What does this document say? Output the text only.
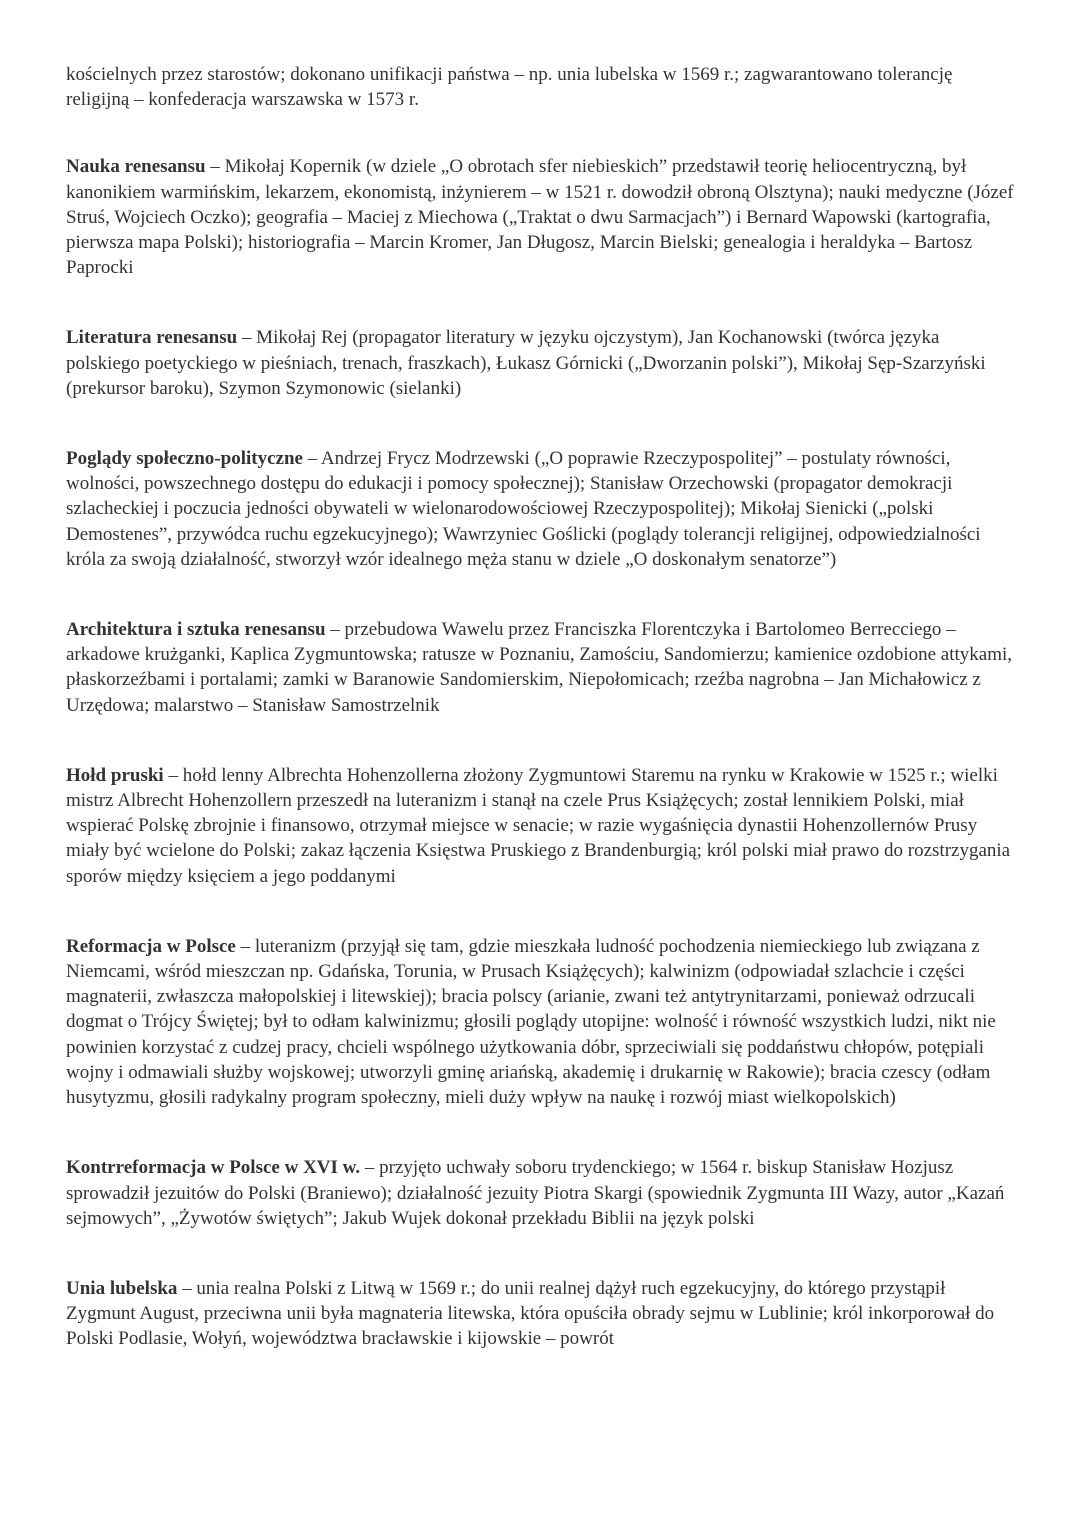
kościelnych przez starostów; dokonano unifikacji państwa – np. unia lubelska w 1569 r.; zagwarantowano tolerancję religijną – konfederacja warszawska w 1573 r.

Nauka renesansu – Mikołaj Kopernik (w dziele „O obrotach sfer niebieskich” przedstawił teorię heliocentryczną, był kanonikiem warmińskim, lekarzem, ekonomistą, inżynierem – w 1521 r. dowodził obroną Olsztyna); nauki medyczne (Józef Struś, Wojciech Oczko); geografia – Maciej z Miechowa („Traktat o dwu Sarmacjach”) i Bernard Wapowski (kartografia, pierwsza mapa Polski); historiografia – Marcin Kromer, Jan Długosz, Marcin Bielski; genealogia i heraldyka – Bartosz Paprocki

Literatura renesansu – Mikołaj Rej (propagator literatury w języku ojczystym), Jan Kochanowski (twórca języka polskiego poetyckiego w pieśniach, trenach, fraszkach), Łukasz Górnicki („Dworzanin polski”), Mikołaj Sęp-Szarzyński (prekursor baroku), Szymon Szymonowic (sielanki)

Poglądy społeczno-polityczne – Andrzej Frycz Modrzewski („O poprawie Rzeczypospolitej” – postulaty równości, wolności, powszechnego dostępu do edukacji i pomocy społecznej); Stanisław Orzechowski (propagator demokracji szlacheckiej i poczucia jedności obywateli w wielonarodowościowej Rzeczypospolitej); Mikołaj Sienicki („polski Demostenes”, przywódca ruchu egzekucyjnego); Wawrzyniec Goślicki (poglądy tolerancji religijnej, odpowiedzialności króla za swoją działalność, stworzył wzór idealnego męża stanu w dziele „O doskonałym senatorze”)

Architektura i sztuka renesansu – przebudowa Wawelu przez Franciszka Florentczyka i Bartolomeo Berrecciego – arkadowe krużganki, Kaplica Zygmuntowska; ratusze w Poznaniu, Zamościu, Sandomierzu; kamienice ozdobione attykami, płaskorzeźbami i portalami; zamki w Baranowie Sandomierskim, Niepołomicach; rzeźba nagrobna – Jan Michałowicz z Urzędowa; malarstwo – Stanisław Samostrzelnik

Hołd pruski – hołd lenny Albrechta Hohenzollerna złożony Zygmuntowi Staremu na rynku w Krakowie w 1525 r.; wielki mistrz Albrecht Hohenzollern przeszedł na luteranizm i stanął na czele Prus Książęcych; został lennikiem Polski, miał wspierać Polskę zbrojnie i finansowo, otrzymał miejsce w senacie; w razie wygaśnięcia dynastii Hohenzollernów Prusy miały być wcielone do Polski; zakaz łączenia Księstwa Pruskiego z Brandenburgią; król polski miał prawo do rozstrzygania sporów między księciem a jego poddanymi

Reformacja w Polsce – luteranizm (przyjął się tam, gdzie mieszkała ludność pochodzenia niemieckiego lub związana z Niemcami, wśród mieszczan np. Gdańska, Torunia, w Prusach Książęcych); kalwinizm (odpowiadał szlachcie i części magnaterii, zwłaszcza małopolskiej i litewskiej); bracia polscy (arianie, zwani też antytrynitarzami, ponieważ odrzucali dogmat o Trójcy Świętej; był to odłam kalwinizmu; głosili poglądy utopijne: wolność i równość wszystkich ludzi, nikt nie powinien korzystać z cudzej pracy, chcieli wspólnego użytkowania dóbr, sprzeciwiali się poddaństwu chłopów, potępiali wojny i odmawiali służby wojskowej; utworzyli gminę ariańską, akademię i drukarnię w Rakowie); bracia czescy (odłam husytyzmu, głosili radykalny program społeczny, mieli duży wpływ na naukę i rozwój miast wielkopolskich)

Kontrreformacja w Polsce w XVI w. – przyjęto uchwały soboru trydenckiego; w 1564 r. biskup Stanisław Hozjusz sprowadził jezuitów do Polski (Braniewo); działalność jezuity Piotra Skargi (spowiednik Zygmunta III Wazy, autor „Kazań sejmowych”, „Żywotów świętych”; Jakub Wujek dokonał przekładu Biblii na język polski

Unia lubelska – unia realna Polski z Litwą w 1569 r.; do unii realnej dążył ruch egzekucyjny, do którego przystąpił Zygmunt August, przeciwna unii była magnateria litewska, która opuściła obrady sejmu w Lublinie; król inkorporował do Polski Podlasie, Wołyń, województwa bracławskie i kijowskie – powrót
